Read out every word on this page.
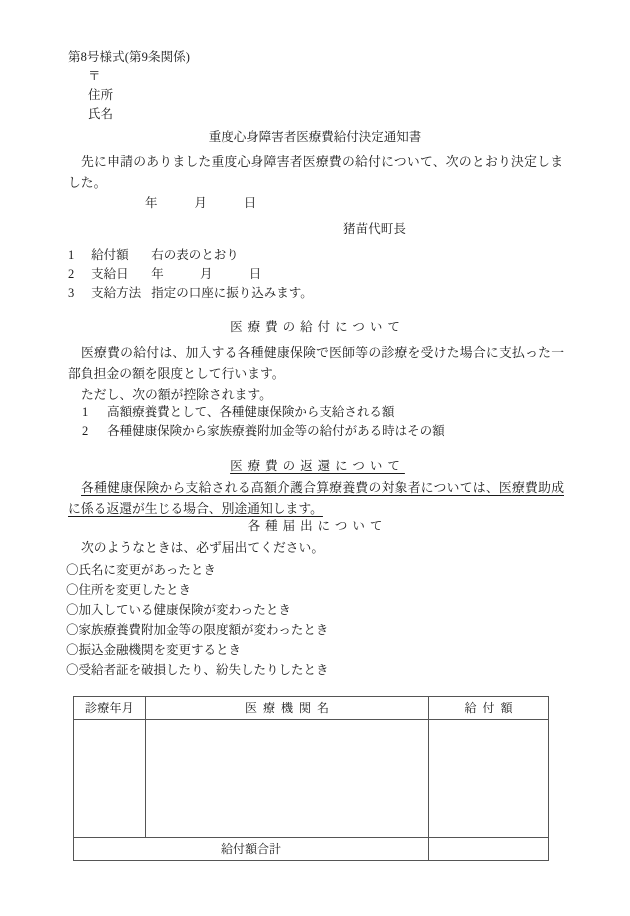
第8号様式(第9条関係)
〒
住所
氏名
重度心身障害者医療費給付決定通知書
先に申請のありました重度心身障害者医療費の給付について、次のとおり決定しました。
年	月	日
猪苗代町長
1 給付額 右の表のとおり
2 支給日 年	月	日
3 支給方法 指定の口座に振り込みます。
医療費の給付について
医療費の給付は、加入する各種健康保険で医師等の診療を受けた場合に支払った一部負担金の額を限度として行います。
ただし、次の額が控除されます。
1 高額療養費として、各種健康保険から支給される額
2 各種健康保険から家族療養附加金等の給付がある時はその額
医療費の返還について
各種健康保険から支給される高額介護合算療養費の対象者については、医療費助成に係る返還が生じる場合、別途通知します。
各種届出について
次のようなときは、必ず届出てください。
〇氏名に変更があったとき
〇住所を変更したとき
〇加入している健康保険が変わったとき
〇家族療養費附加金等の限度額が変わったとき
〇振込金融機関を変更するとき
〇受給者証を破損したり、紛失したりしたとき
診療年月	医療機関名	給付額

給付額合計		
